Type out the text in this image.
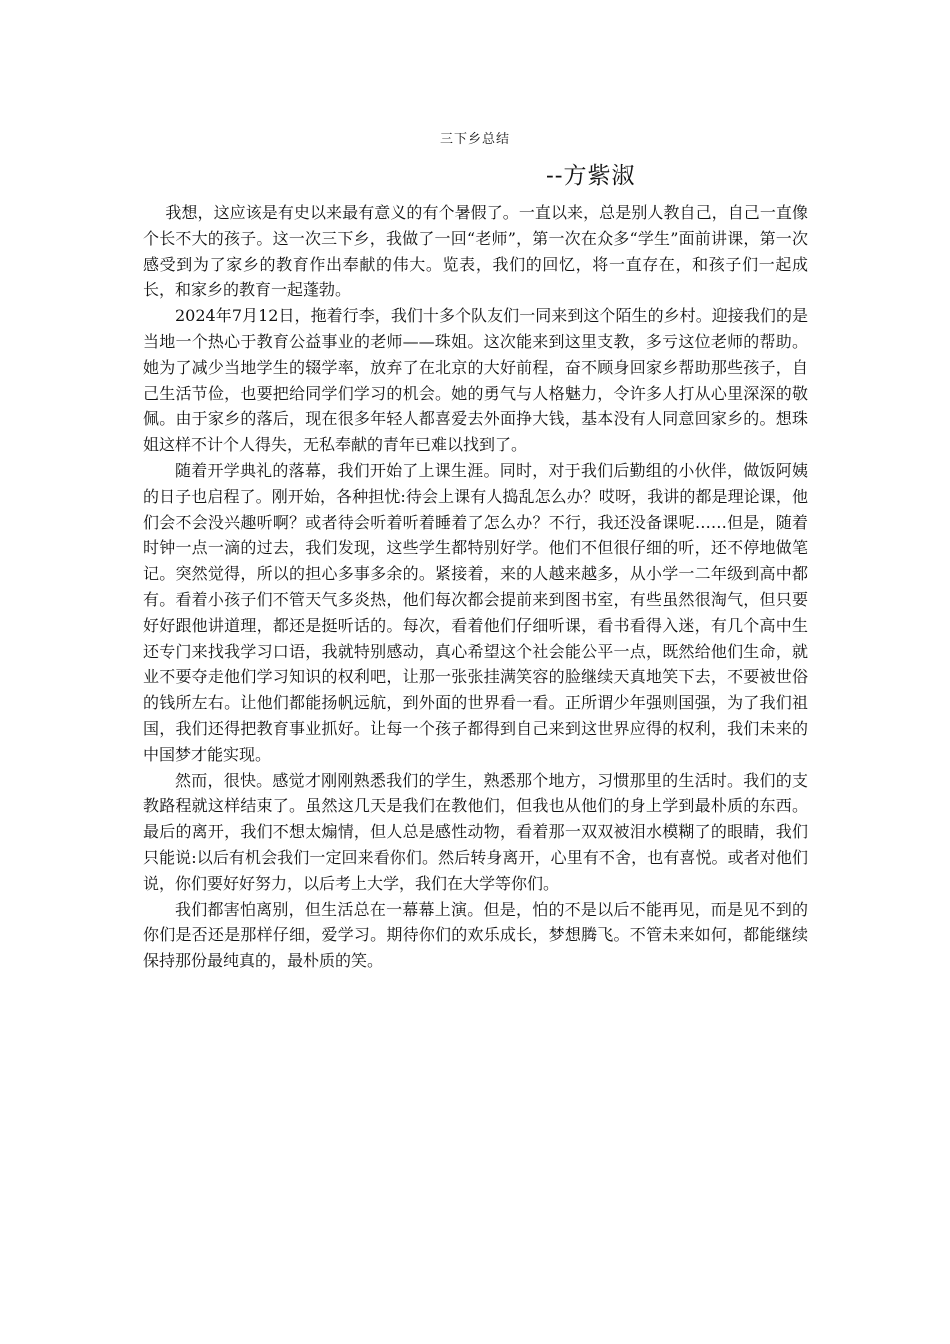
三下乡总结
--方紫淑

我想，这应该是有史以来最有意义的有个暑假了。一直以来，总是别人教自己，自己一直像个长不大的孩子。这一次三下乡，我做了一回“老师”，第一次在众多“学生”面前讲课，第一次感受到为了家乡的教育作出奉献的伟大。览表，我们的回忆，将一直存在，和孩子们一起成长，和家乡的教育一起蓬勃。

2024年7月12日，拖着行李，我们十多个队友们一同来到这个陌生的乡村。迎接我们的是当地一个热心于教育公益事业的老师——珠姐。这次能来到这里支教，多亏这位老师的帮助。她为了减少当地学生的辍学率，放弃了在北京的大好前程，奋不顾身回家乡帮助那些孩子，自己生活节俭，也要把给同学们学习的机会。她的勇气与人格魅力，令许多人打从心里深深的敬佩。由于家乡的落后，现在很多年轻人都喜爱去外面挣大钱，基本没有人同意回家乡的。想珠姐这样不计个人得失，无私奉献的青年已难以找到了。

随着开学典礼的落幕，我们开始了上课生涯。同时，对于我们后勤组的小伙伴，做饭阿姨的日子也启程了。刚开始，各种担忧:待会上课有人捣乱怎么办？哎呀，我讲的都是理论课，他们会不会没兴趣听啊？或者待会听着听着睡着了怎么办？不行，我还没备课呢……但是，随着时钟一点一滴的过去，我们发现，这些学生都特别好学。他们不但很仔细的听，还不停地做笔记。突然觉得，所以的担心多事多余的。紧接着，来的人越来越多，从小学一二年级到高中都有。看着小孩子们不管天气多炎热，他们每次都会提前来到图书室，有些虽然很淘气，但只要好好跟他讲道理，都还是挺听话的。每次，看着他们仔细听课，看书看得入迷，有几个高中生还专门来找我学习口语，我就特别感动，真心希望这个社会能公平一点，既然给他们生命，就业不要夺走他们学习知识的权利吧，让那一张张挂满笑容的脸继续天真地笑下去，不要被世俗的钱所左右。让他们都能扬帆远航，到外面的世界看一看。正所谓少年强则国强，为了我们祖国，我们还得把教育事业抓好。让每一个孩子都得到自己来到这世界应得的权利，我们未来的中国梦才能实现。

然而，很快。感觉才刚刚熟悉我们的学生，熟悉那个地方，习惯那里的生活时。我们的支教路程就这样结束了。虽然这几天是我们在教他们，但我也从他们的身上学到最朴质的东西。最后的离开，我们不想太煽情，但人总是感性动物，看着那一双双被泪水模糊了的眼睛，我们只能说:以后有机会我们一定回来看你们。然后转身离开，心里有不舍，也有喜悦。或者对他们说，你们要好好努力，以后考上大学，我们在大学等你们。

我们都害怕离别，但生活总在一幕幕上演。但是，怕的不是以后不能再见，而是见不到的你们是否还是那样仔细，爱学习。期待你们的欢乐成长，梦想腾飞。不管未来如何，都能继续保持那份最纯真的，最朴质的笑。
